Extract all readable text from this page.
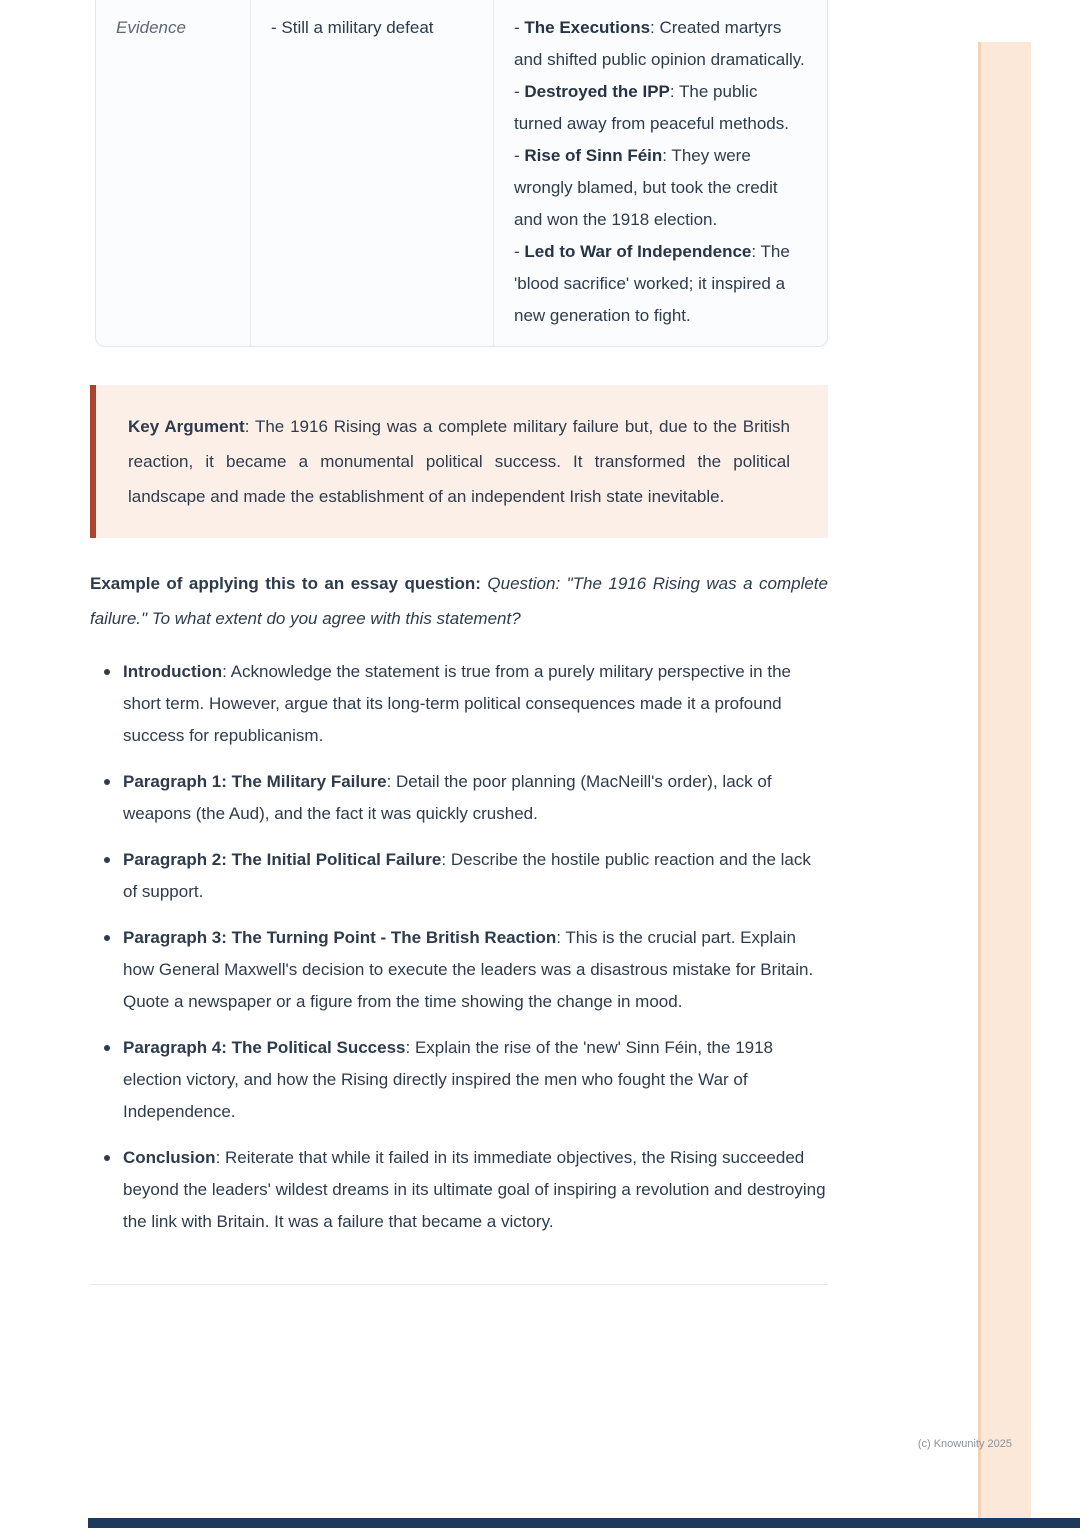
Evidence	- Still a military defeat	- The Executions: Created martyrs and shifted public opinion dramatically.
- Destroyed the IPP: The public turned away from peaceful methods.
- Rise of Sinn Féin: They were wrongly blamed, but took the credit and won the 1918 election.
- Led to War of Independence: The 'blood sacrifice' worked; it inspired a new generation to fight.

Key Argument: The 1916 Rising was a complete military failure but, due to the British reaction, it became a monumental political success. It transformed the political landscape and made the establishment of an independent Irish state inevitable.

Example of applying this to an essay question: Question: "The 1916 Rising was a complete failure." To what extent do you agree with this statement?

Introduction: Acknowledge the statement is true from a purely military perspective in the short term. However, argue that its long-term political consequences made it a profound success for republicanism.
Paragraph 1: The Military Failure: Detail the poor planning (MacNeill's order), lack of weapons (the Aud), and the fact it was quickly crushed.
Paragraph 2: The Initial Political Failure: Describe the hostile public reaction and the lack of support.
Paragraph 3: The Turning Point - The British Reaction: This is the crucial part. Explain how General Maxwell's decision to execute the leaders was a disastrous mistake for Britain. Quote a newspaper or a figure from the time showing the change in mood.
Paragraph 4: The Political Success: Explain the rise of the 'new' Sinn Féin, the 1918 election victory, and how the Rising directly inspired the men who fought the War of Independence.
Conclusion: Reiterate that while it failed in its immediate objectives, the Rising succeeded beyond the leaders' wildest dreams in its ultimate goal of inspiring a revolution and destroying the link with Britain. It was a failure that became a victory.
(c) Knowunity 2025
